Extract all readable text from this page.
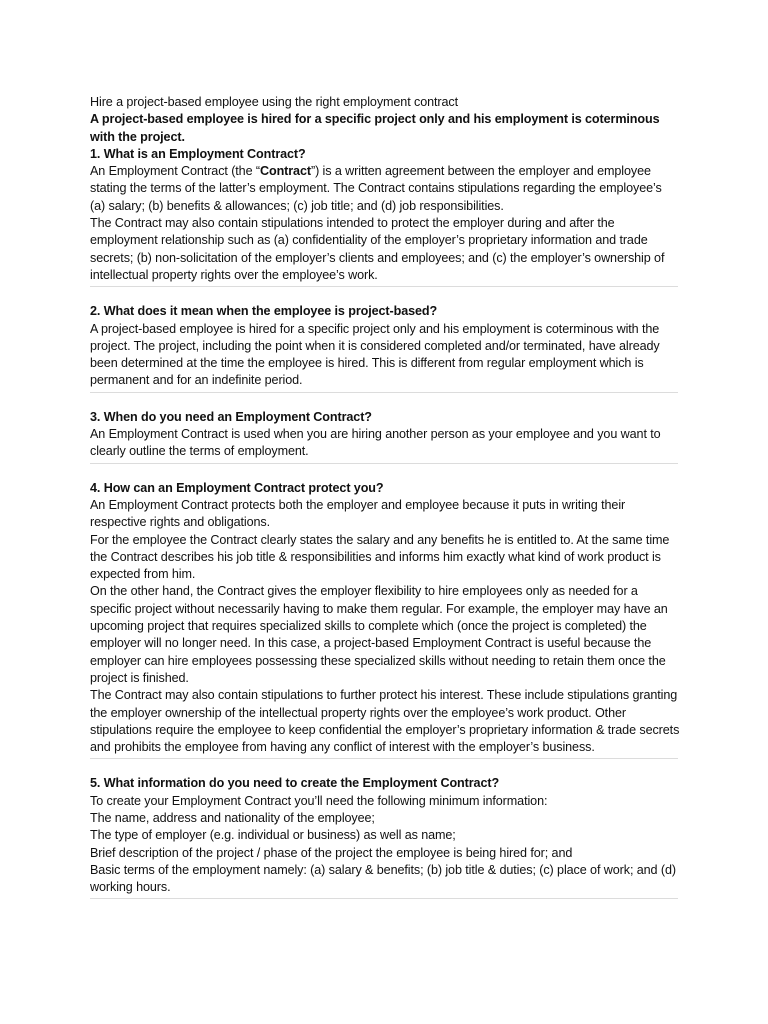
Hire a project-based employee using the right employment contract

A project-based employee is hired for a specific project only and his employment is coterminous with the project.

1. What is an Employment Contract?

An Employment Contract (the “Contract”) is a written agreement between the employer and employee stating the terms of the latter’s employment. The Contract contains stipulations regarding the employee’s (a) salary; (b) benefits & allowances; (c) job title; and (d) job responsibilities.

The Contract may also contain stipulations intended to protect the employer during and after the employment relationship such as (a) confidentiality of the employer’s proprietary information and trade secrets; (b) non-solicitation of the employer’s clients and employees; and (c) the employer’s ownership of intellectual property rights over the employee’s work.

2. What does it mean when the employee is project-based?

A project-based employee is hired for a specific project only and his employment is coterminous with the project. The project, including the point when it is considered completed and/or terminated, have already been determined at the time the employee is hired. This is different from regular employment which is permanent and for an indefinite period.

3. When do you need an Employment Contract?

An Employment Contract is used when you are hiring another person as your employee and you want to clearly outline the terms of employment.

4. How can an Employment Contract protect you?

An Employment Contract protects both the employer and employee because it puts in writing their respective rights and obligations.

For the employee the Contract clearly states the salary and any benefits he is entitled to. At the same time the Contract describes his job title & responsibilities and informs him exactly what kind of work product is expected from him.

On the other hand, the Contract gives the employer flexibility to hire employees only as needed for a specific project without necessarily having to make them regular. For example, the employer may have an upcoming project that requires specialized skills to complete which (once the project is completed) the employer will no longer need. In this case, a project-based Employment Contract is useful because the employer can hire employees possessing these specialized skills without needing to retain them once the project is finished.

The Contract may also contain stipulations to further protect his interest. These include stipulations granting the employer ownership of the intellectual property rights over the employee’s work product. Other stipulations require the employee to keep confidential the employer’s proprietary information & trade secrets and prohibits the employee from having any conflict of interest with the employer’s business.

5. What information do you need to create the Employment Contract?

To create your Employment Contract you’ll need the following minimum information:

The name, address and nationality of the employee;

The type of employer (e.g. individual or business) as well as name;

Brief description of the project / phase of the project the employee is being hired for; and

Basic terms of the employment namely: (a) salary & benefits; (b) job title & duties; (c) place of work; and (d) working hours.
